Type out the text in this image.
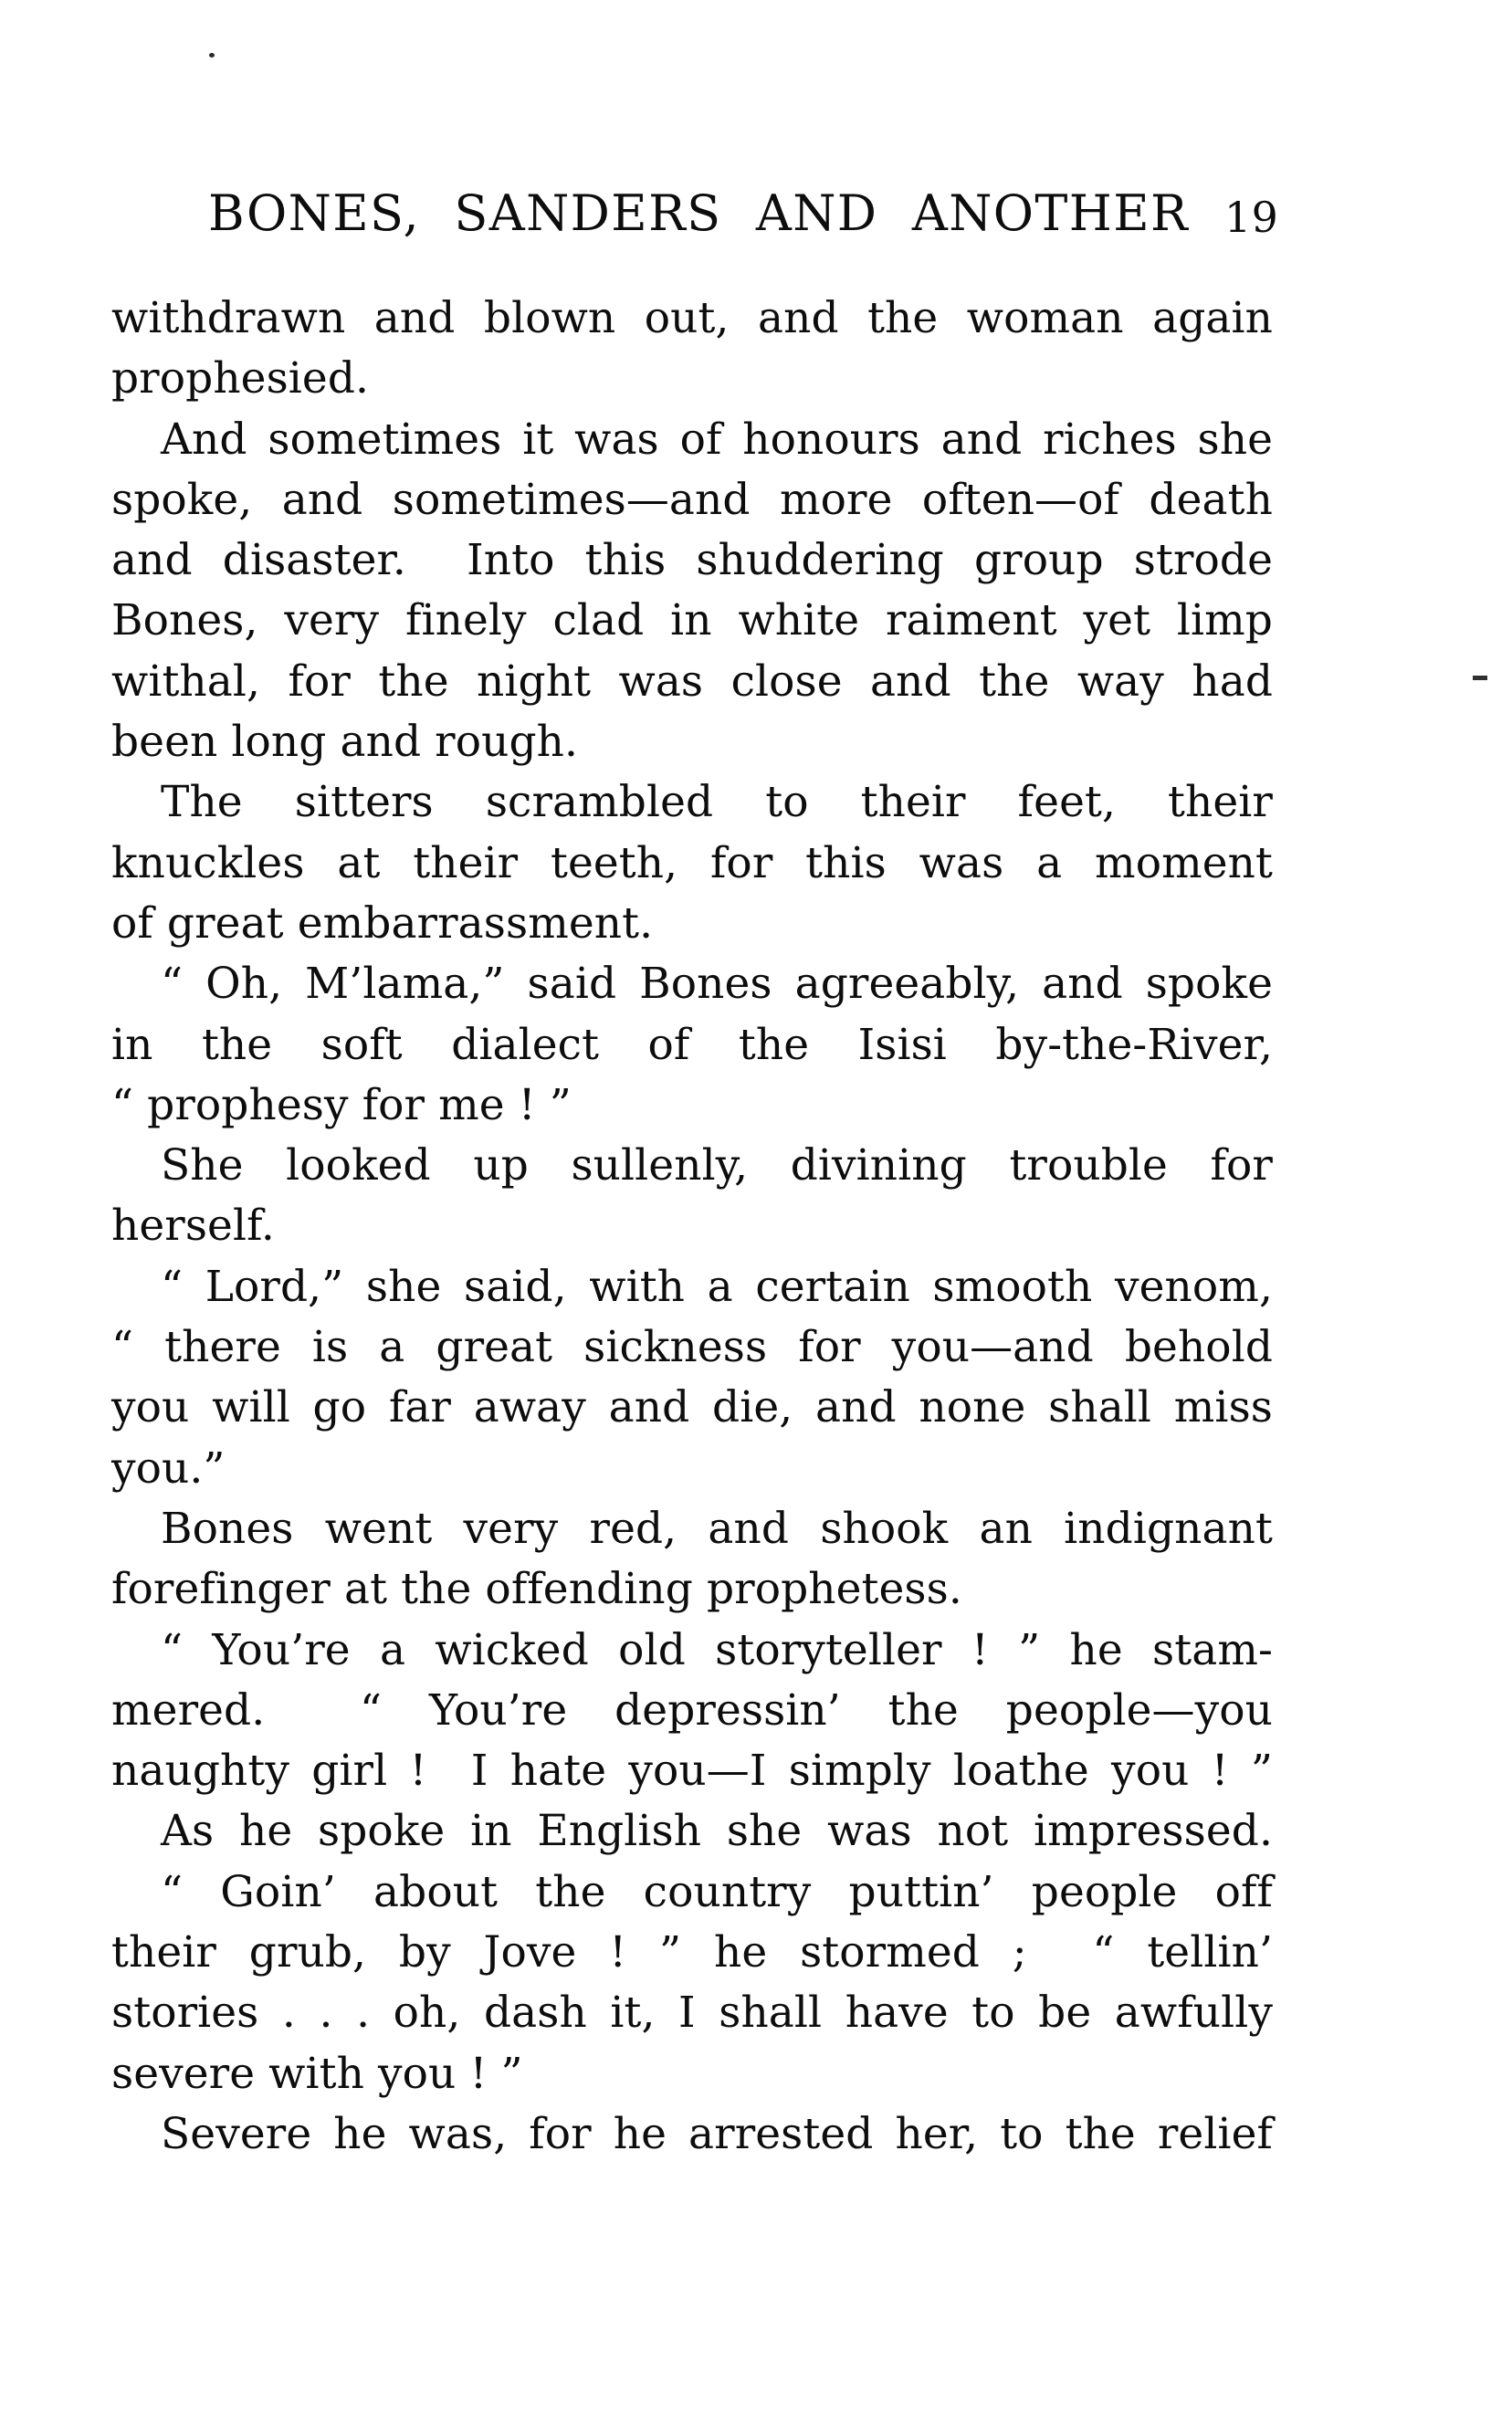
BONES, SANDERS AND ANOTHER 19
withdrawn and blown out, and the woman again
prophesied.
And sometimes it was of honours and riches she
spoke, and sometimes—and more often—of death
and disaster.  Into this shuddering group strode
Bones, very finely clad in white raiment yet limp
withal, for the night was close and the way had
been long and rough.
The sitters scrambled to their feet, their
knuckles at their teeth, for this was a moment
of great embarrassment.
“ Oh, M’lama,” said Bones agreeably, and spoke
in the soft dialect of the Isisi by-the-River,
“ prophesy for me ! ”
She looked up sullenly, divining trouble for
herself.
“ Lord,” she said, with a certain smooth venom,
“ there is a great sickness for you—and behold
you will go far away and die, and none shall miss
you.”
Bones went very red, and shook an indignant
forefinger at the offending prophetess.
“ You’re a wicked old storyteller ! ” he stam-
mered.  “ You’re depressin’ the people—you
naughty girl !  I hate you—I simply loathe you ! ”
As he spoke in English she was not impressed.
“ Goin’ about the country puttin’ people off
their grub, by Jove ! ” he stormed ;  “ tellin’
stories . . . oh, dash it, I shall have to be awfully
severe with you ! ”
Severe he was, for he arrested her, to the relief
